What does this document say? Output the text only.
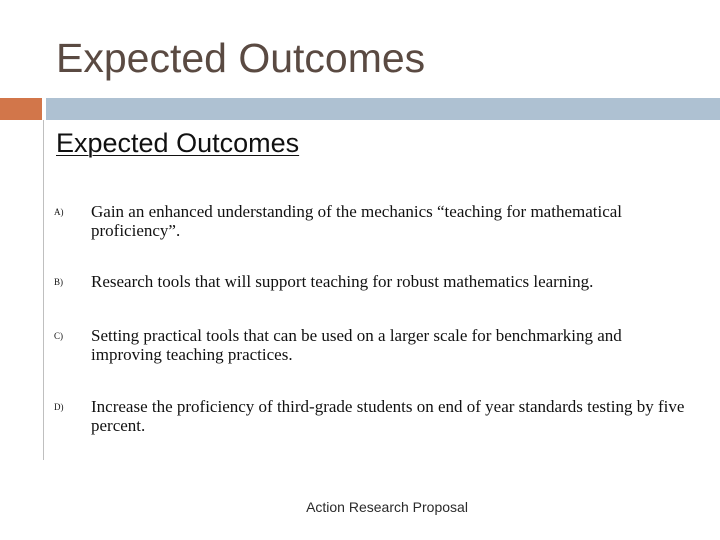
Expected Outcomes
Expected Outcomes
A) Gain an enhanced understanding of the mechanics “teaching for mathematical proficiency”.
B) Research tools that will support teaching for robust mathematics learning.
C) Setting practical tools that can be used on a larger scale for benchmarking and improving teaching practices.
D) Increase the proficiency of third-grade students on end of year standards testing by five percent.
Action Research Proposal
